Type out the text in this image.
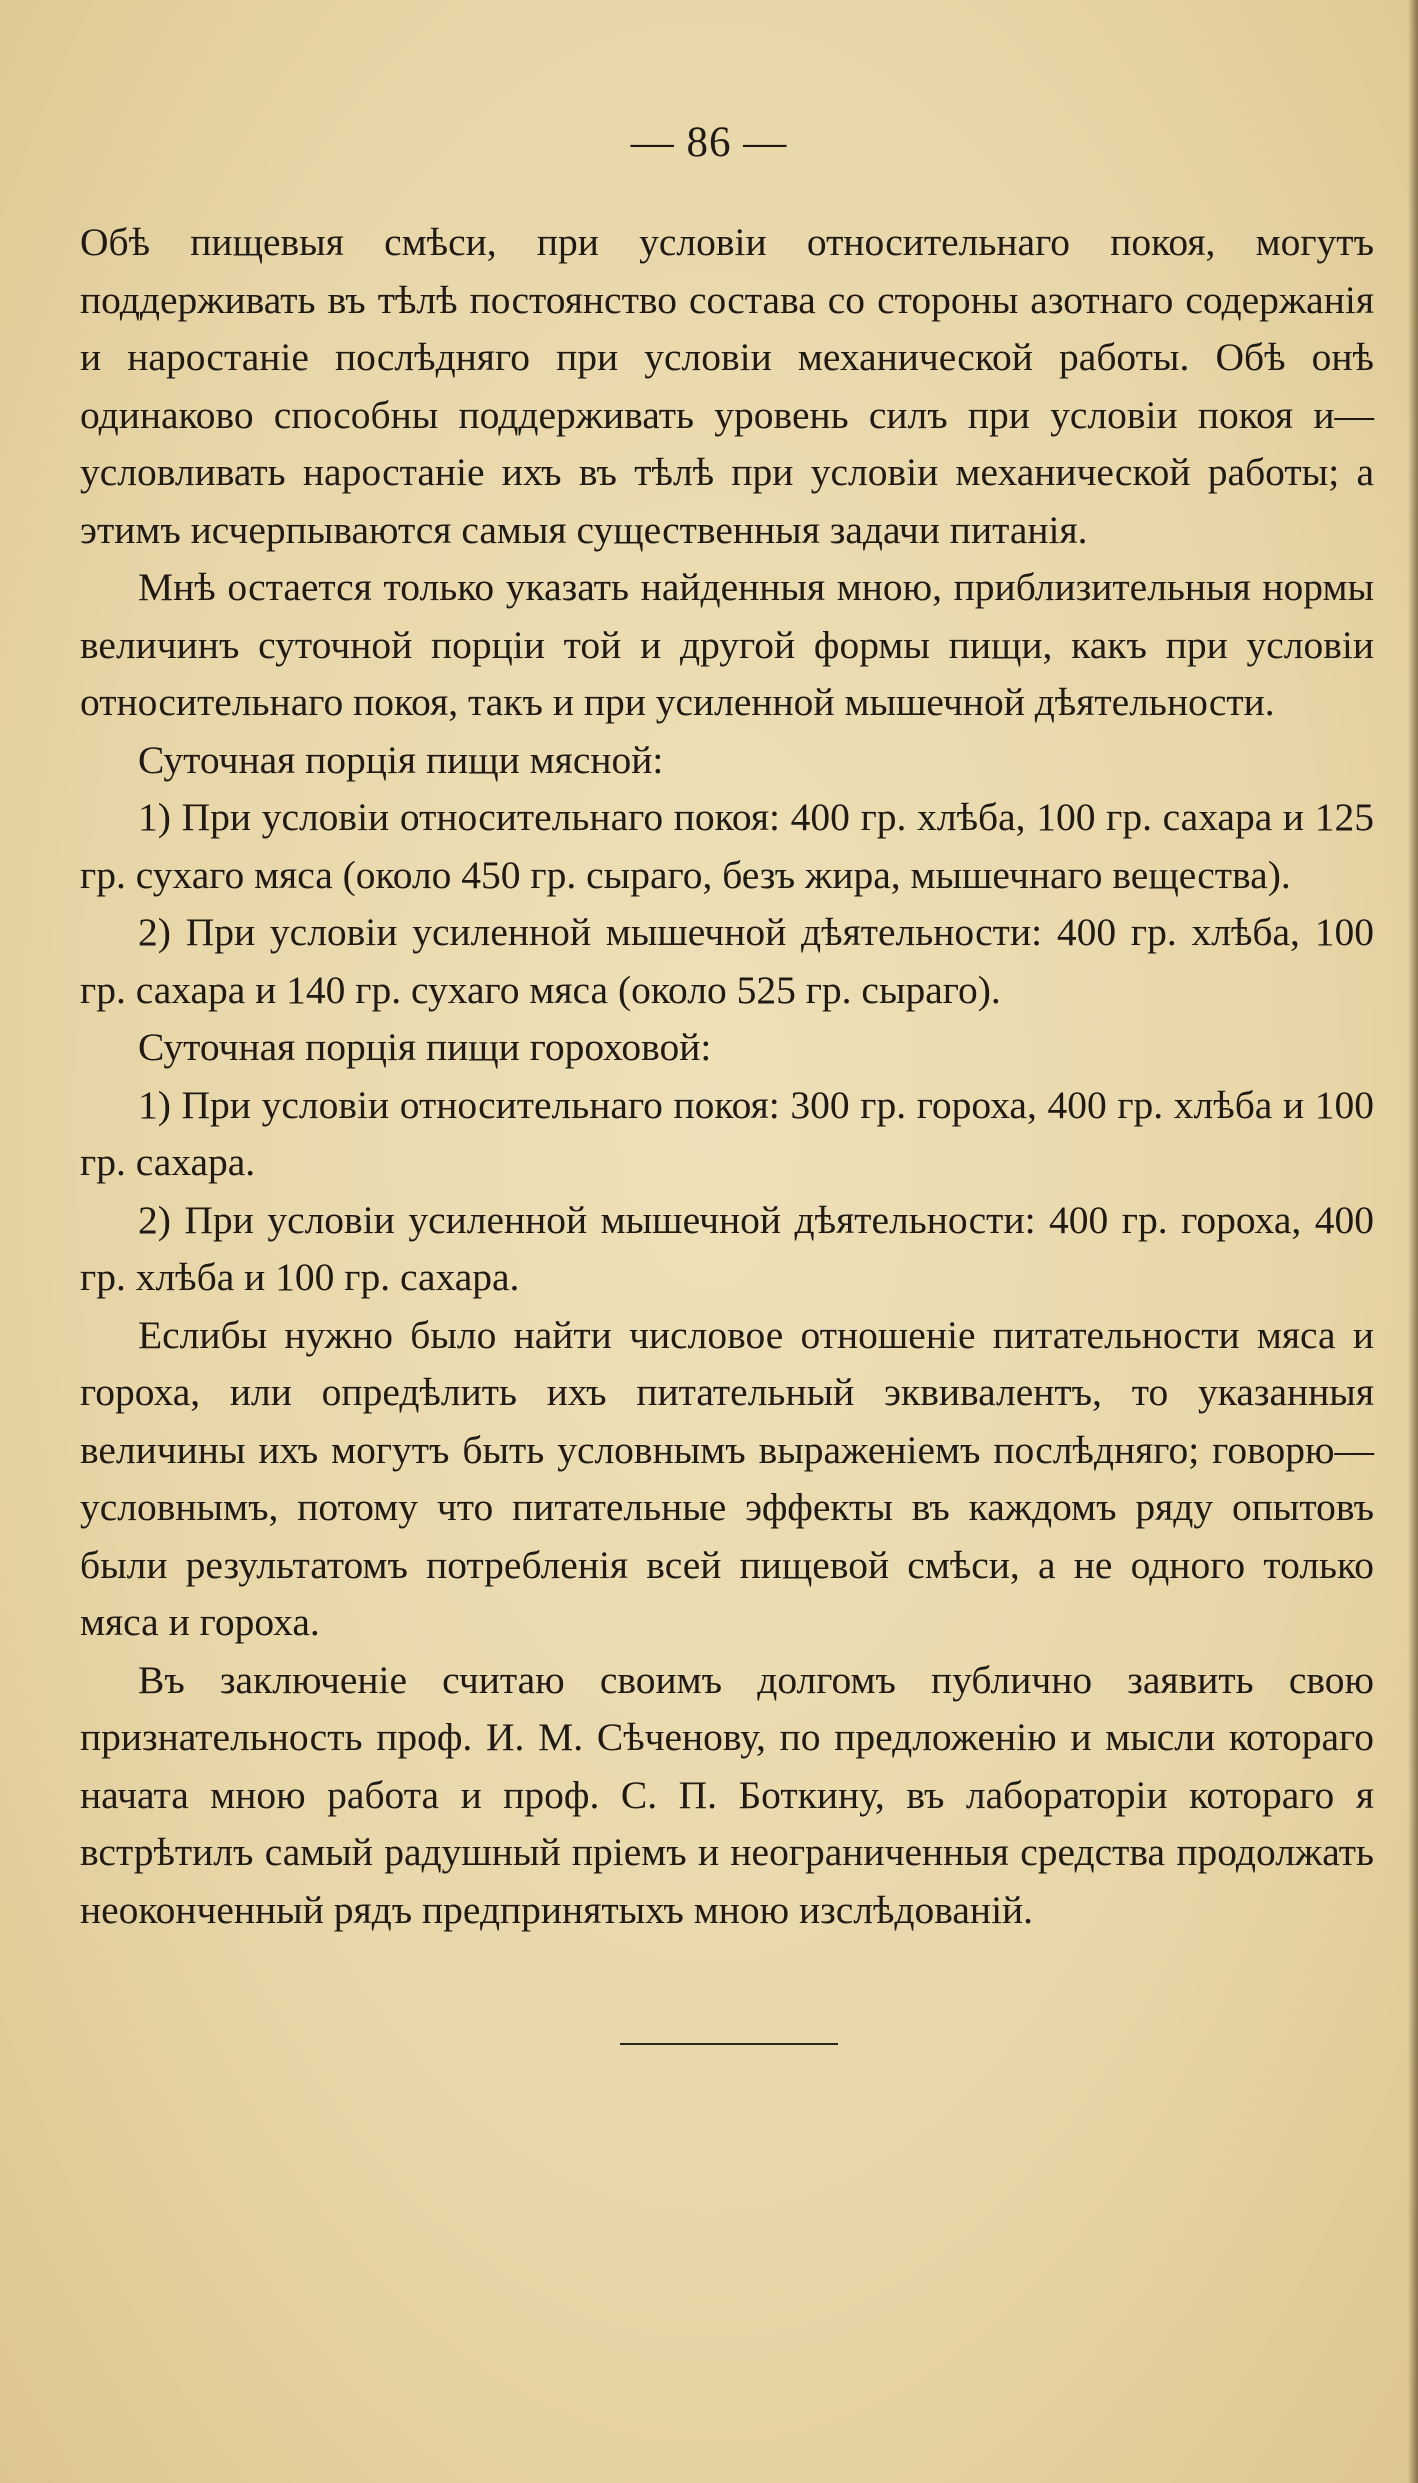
— 86 —

Обѣ пищевыя смѣси, при условіи относительнаго покоя, могутъ поддерживать въ тѣлѣ постоянство состава со стороны азотнаго содержанія и наростаніе послѣдняго при условіи механической работы. Обѣ онѣ одинаково способны поддерживать уровень силъ при условіи покоя и—условливать наростаніе ихъ въ тѣлѣ при условіи механической работы; а этимъ исчерпываются самыя существенныя задачи питанія.

Мнѣ остается только указать найденныя мною, приблизительныя нормы величинъ суточной порціи той и другой формы пищи, какъ при условіи относительнаго покоя, такъ и при усиленной мышечной дѣятельности.

Суточная порція пищи мясной:

1) При условіи относительнаго покоя: 400 гр. хлѣба, 100 гр. сахара и 125 гр. сухаго мяса (около 450 гр. сыраго, безъ жира, мышечнаго вещества).

2) При условіи усиленной мышечной дѣятельности: 400 гр. хлѣба, 100 гр. сахара и 140 гр. сухаго мяса (около 525 гр. сыраго).

Суточная порція пищи гороховой:

1) При условіи относительнаго покоя: 300 гр. гороха, 400 гр. хлѣба и 100 гр. сахара.

2) При условіи усиленной мышечной дѣятельности: 400 гр. гороха, 400 гр. хлѣба и 100 гр. сахара.

Еслибы нужно было найти числовое отношеніе питательности мяса и гороха, или опредѣлить ихъ питательный эквивалентъ, то указанныя величины ихъ могутъ быть условнымъ выраженiемъ послѣдняго; говорю—условнымъ, потому что питательные эффекты въ каждомъ ряду опытовъ были результатомъ потребленія всей пищевой смѣси, а не одного только мяса и гороха.

Въ заключеніе считаю своимъ долгомъ публично заявить свою признательность проф. И. М. Сѣченову, по предложенію и мысли котораго начата мною работа и проф. С. П. Боткину, въ лабораторіи котораго я встрѣтилъ самый радушный пріемъ и неограниченныя средства продолжать неоконченный рядъ предпринятыхъ мною изслѣдованій.
